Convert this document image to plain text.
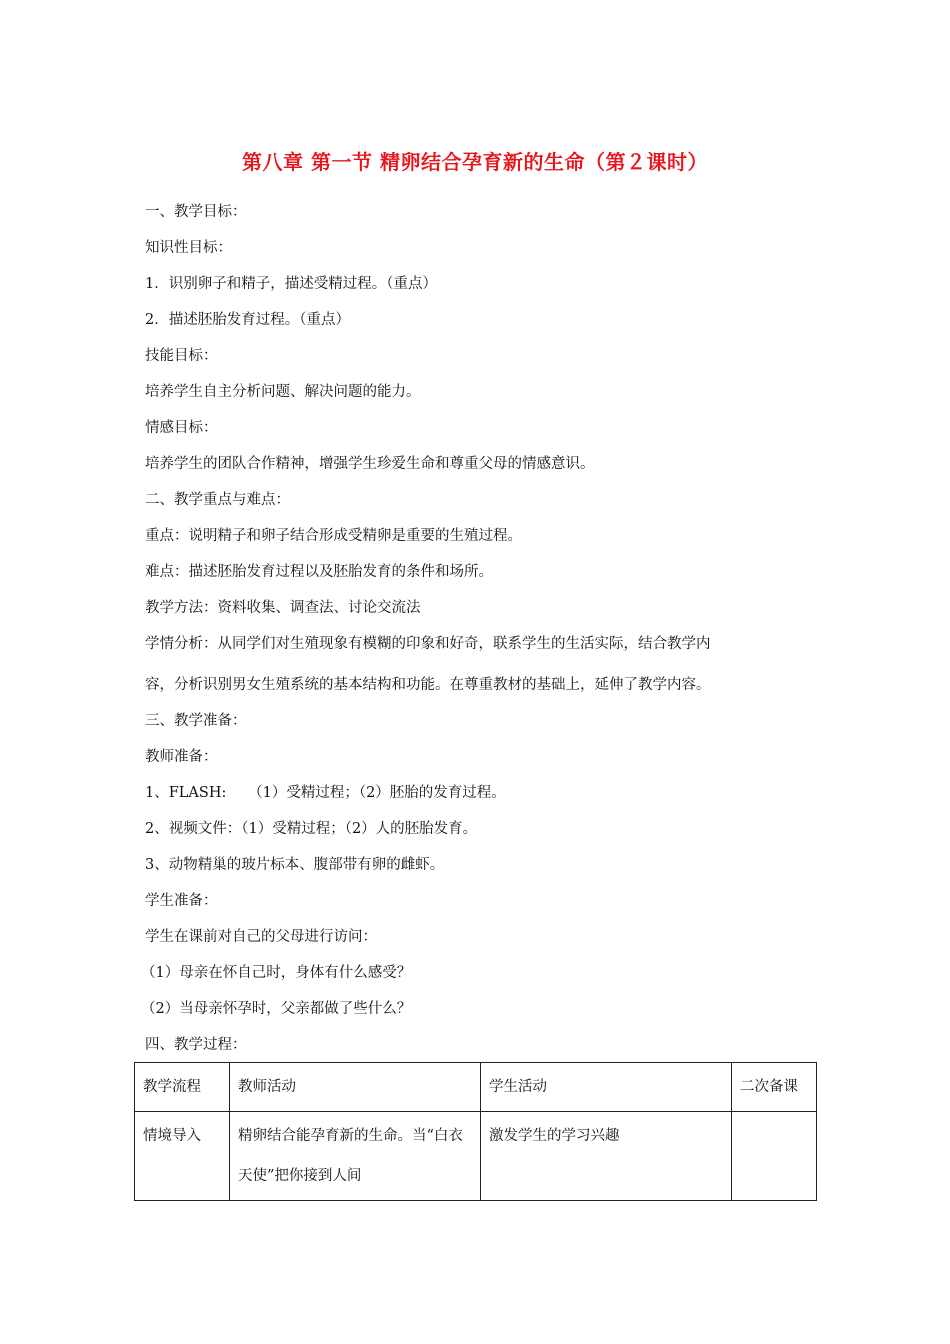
第八章 第一节 精卵结合孕育新的生命（第２课时）
一、教学目标：
知识性目标：
1．识别卵子和精子，描述受精过程。（重点）
2．描述胚胎发育过程。（重点）
技能目标：
培养学生自主分析问题、解决问题的能力。
情感目标：
培养学生的团队合作精神，增强学生珍爱生命和尊重父母的情感意识。
二、教学重点与难点：
重点：说明精子和卵子结合形成受精卵是重要的生殖过程。
难点：描述胚胎发育过程以及胚胎发育的条件和场所。
教学方法：资料收集、调查法、讨论交流法
学情分析：从同学们对生殖现象有模糊的印象和好奇，联系学生的生活实际，结合教学内
容，分析识别男女生殖系统的基本结构和功能。在尊重教材的基础上，延伸了教学内容。
三、教学准备：
教师准备：
1、FLASH:　　（1）受精过程；（2）胚胎的发育过程。
2、视频文件：（1）受精过程；（2）人的胚胎发育。
3、动物精巢的玻片标本、腹部带有卵的雌虾。
学生准备：
学生在课前对自己的父母进行访问：
（1）母亲在怀自己时，身体有什么感受？
（2）当母亲怀孕时，父亲都做了些什么？
四、教学过程：
教学流程	教师活动	学生活动	二次备课
情境导入	精卵结合能孕育新的生命。当“白衣天使”把你接到人间	激发学生的学习兴趣	
